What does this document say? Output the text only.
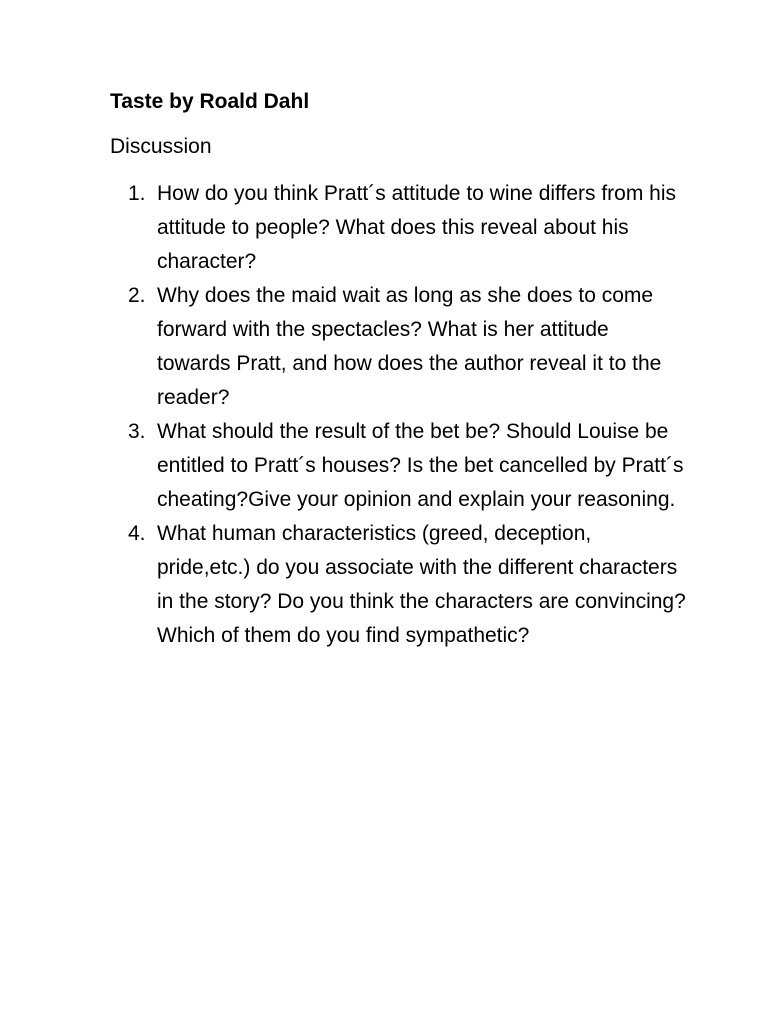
Taste by Roald Dahl
Discussion
1. How do you think Pratt´s attitude to wine differs from his attitude to people? What does this reveal about his character?
2. Why does the maid wait as long as she does to come forward with the spectacles? What is her attitude towards Pratt, and how does the author reveal it to the reader?
3. What should the result of the bet be? Should Louise be entitled to Pratt´s houses? Is the bet cancelled by Pratt´s cheating?Give your opinion and explain your reasoning.
4. What human characteristics (greed, deception, pride,etc.) do you associate with the different characters in the story? Do you think the characters are convincing? Which of them do you find sympathetic?
